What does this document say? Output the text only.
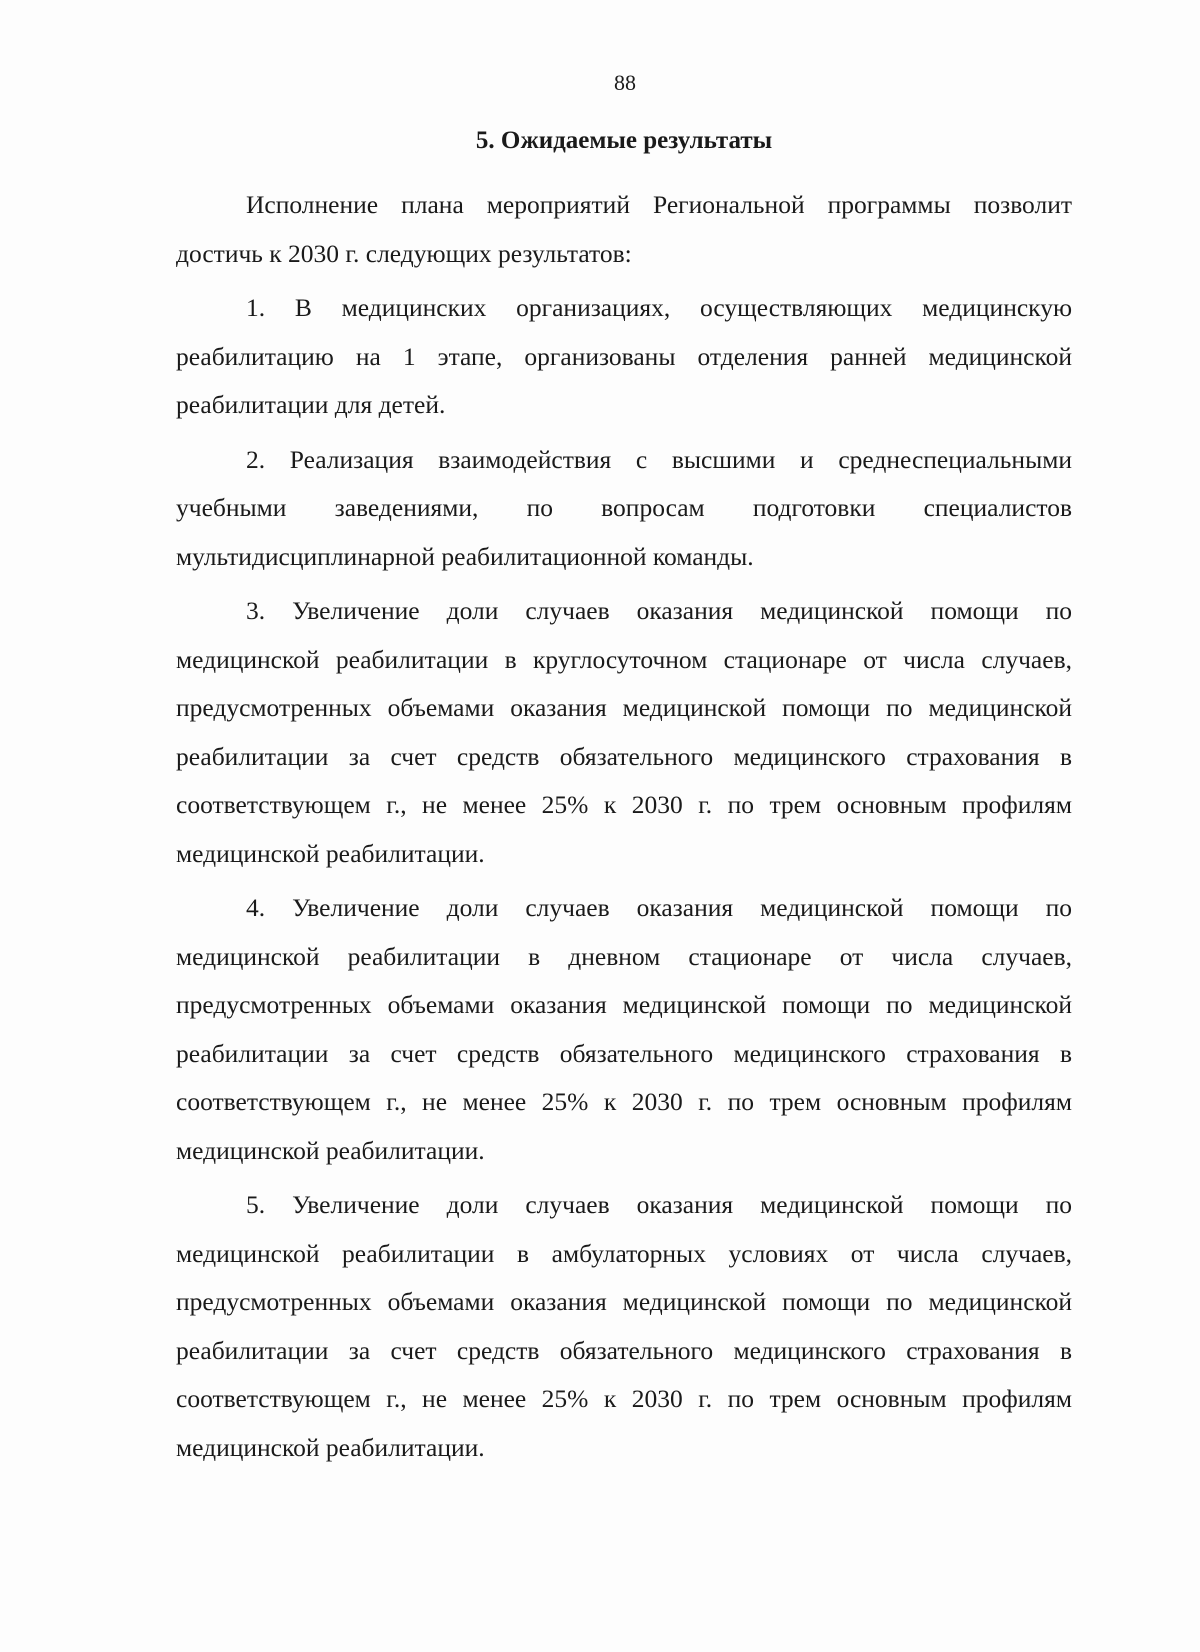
88
5. Ожидаемые результаты

Исполнение плана мероприятий Региональной программы позволит достичь к 2030 г. следующих результатов:

1. В медицинских организациях, осуществляющих медицинскую реабилитацию на 1 этапе, организованы отделения ранней медицинской реабилитации для детей.

2. Реализация взаимодействия с высшими и среднеспециальными учебными заведениями, по вопросам подготовки специалистов мультидисциплинарной реабилитационной команды.

3. Увеличение доли случаев оказания медицинской помощи по медицинской реабилитации в круглосуточном стационаре от числа случаев, предусмотренных объемами оказания медицинской помощи по медицинской реабилитации за счет средств обязательного медицинского страхования в соответствующем г., не менее 25% к 2030 г. по трем основным профилям медицинской реабилитации.

4. Увеличение доли случаев оказания медицинской помощи по медицинской реабилитации в дневном стационаре от числа случаев, предусмотренных объемами оказания медицинской помощи по медицинской реабилитации за счет средств обязательного медицинского страхования в соответствующем г., не менее 25% к 2030 г. по трем основным профилям медицинской реабилитации.

5. Увеличение доли случаев оказания медицинской помощи по медицинской реабилитации в амбулаторных условиях от числа случаев, предусмотренных объемами оказания медицинской помощи по медицинской реабилитации за счет средств обязательного медицинского страхования в соответствующем г., не менее 25% к 2030 г. по трем основным профилям медицинской реабилитации.
